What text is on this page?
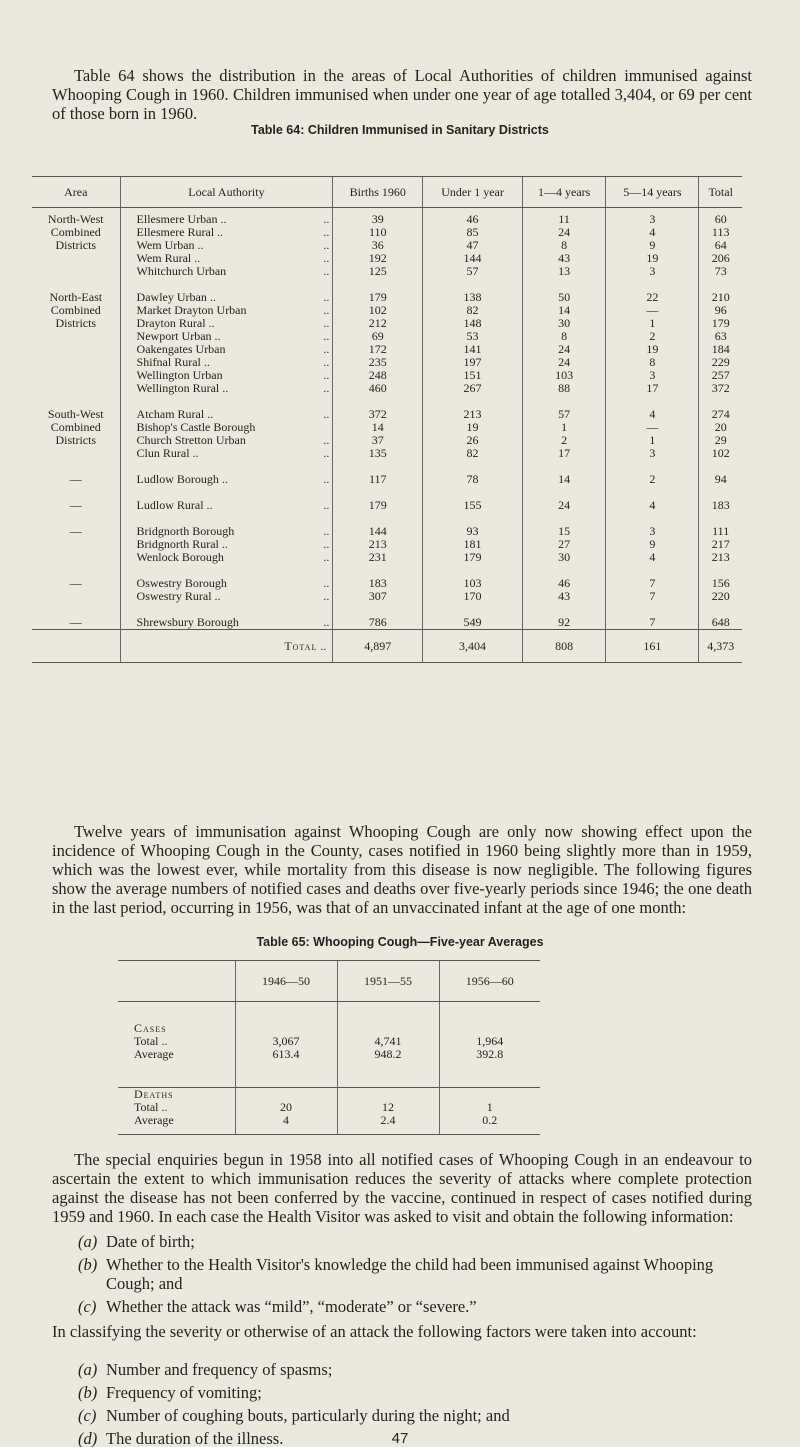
Table 64 shows the distribution in the areas of Local Authorities of children immunised against Whooping Cough in 1960. Children immunised when under one year of age totalled 3,404, or 69 per cent of those born in 1960.
Table 64: Children Immunised in Sanitary Districts
Area	Local Authority	Births 1960	Under 1 year	1—4 years	5—14 years	Total
North-West	Ellesmere Urban .. ..	39	46	11	3	60
Combined	Ellesmere Rural .. ..	110	85	24	4	113
Districts	Wem Urban .. ..	36	47	8	9	64
	Wem Rural .. ..	192	144	43	19	206
	Whitchurch Urban ..	125	57	13	3	73

North-East	Dawley Urban .. ..	179	138	50	22	210
Combined	Market Drayton Urban ..	102	82	14	—	96
Districts	Drayton Rural .. ..	212	148	30	1	179
	Newport Urban .. ..	69	53	8	2	63
	Oakengates Urban ..	172	141	24	19	184
	Shifnal Rural .. ..	235	197	24	8	229
	Wellington Urban ..	248	151	103	3	257
	Wellington Rural .. ..	460	267	88	17	372

South-West	Atcham Rural .. ..	372	213	57	4	274
Combined	Bishop's Castle Borough	14	19	1	—	20
Districts	Church Stretton Urban ..	37	26	2	1	29
	Clun Rural .. ..	135	82	17	3	102

—	Ludlow Borough .. ..	117	78	14	2	94

—	Ludlow Rural .. ..	179	155	24	4	183

—	Bridgnorth Borough ..	144	93	15	3	111
	Bridgnorth Rural .. ..	213	181	27	9	217
	Wenlock Borough ..	231	179	30	4	213

—	Oswestry Borough ..	183	103	46	7	156
	Oswestry Rural .. ..	307	170	43	7	220

—	Shrewsbury Borough ..	786	549	92	7	648
	Total ..	4,897	3,404	808	161	4,373
Twelve years of immunisation against Whooping Cough are only now showing effect upon the incidence of Whooping Cough in the County, cases notified in 1960 being slightly more than in 1959, which was the lowest ever, while mortality from this disease is now negligible. The following figures show the average numbers of notified cases and deaths over five-yearly periods since 1946; the one death in the last period, occurring in 1956, was that of an unvaccinated infant at the age of one month:
Table 65: Whooping Cough—Five-year Averages
	1946—50	1951—55	1956—60

Cases			
Total ..	3,067	4,741	1,964
Average	613.4	948.2	392.8

Deaths			
Total ..	20	12	1
Average	4	2.4	0.2
The special enquiries begun in 1958 into all notified cases of Whooping Cough in an endeavour to ascertain the extent to which immunisation reduces the severity of attacks where complete protection against the disease has not been conferred by the vaccine, continued in respect of cases notified during 1959 and 1960. In each case the Health Visitor was asked to visit and obtain the following information:
(a) Date of birth;
(b) Whether to the Health Visitor's knowledge the child had been immunised against Whooping Cough; and
(c) Whether the attack was “mild”, “moderate” or “severe.”
In classifying the severity or otherwise of an attack the following factors were taken into account:
(a) Number and frequency of spasms;
(b) Frequency of vomiting;
(c) Number of coughing bouts, particularly during the night; and
(d) The duration of the illness.	47
